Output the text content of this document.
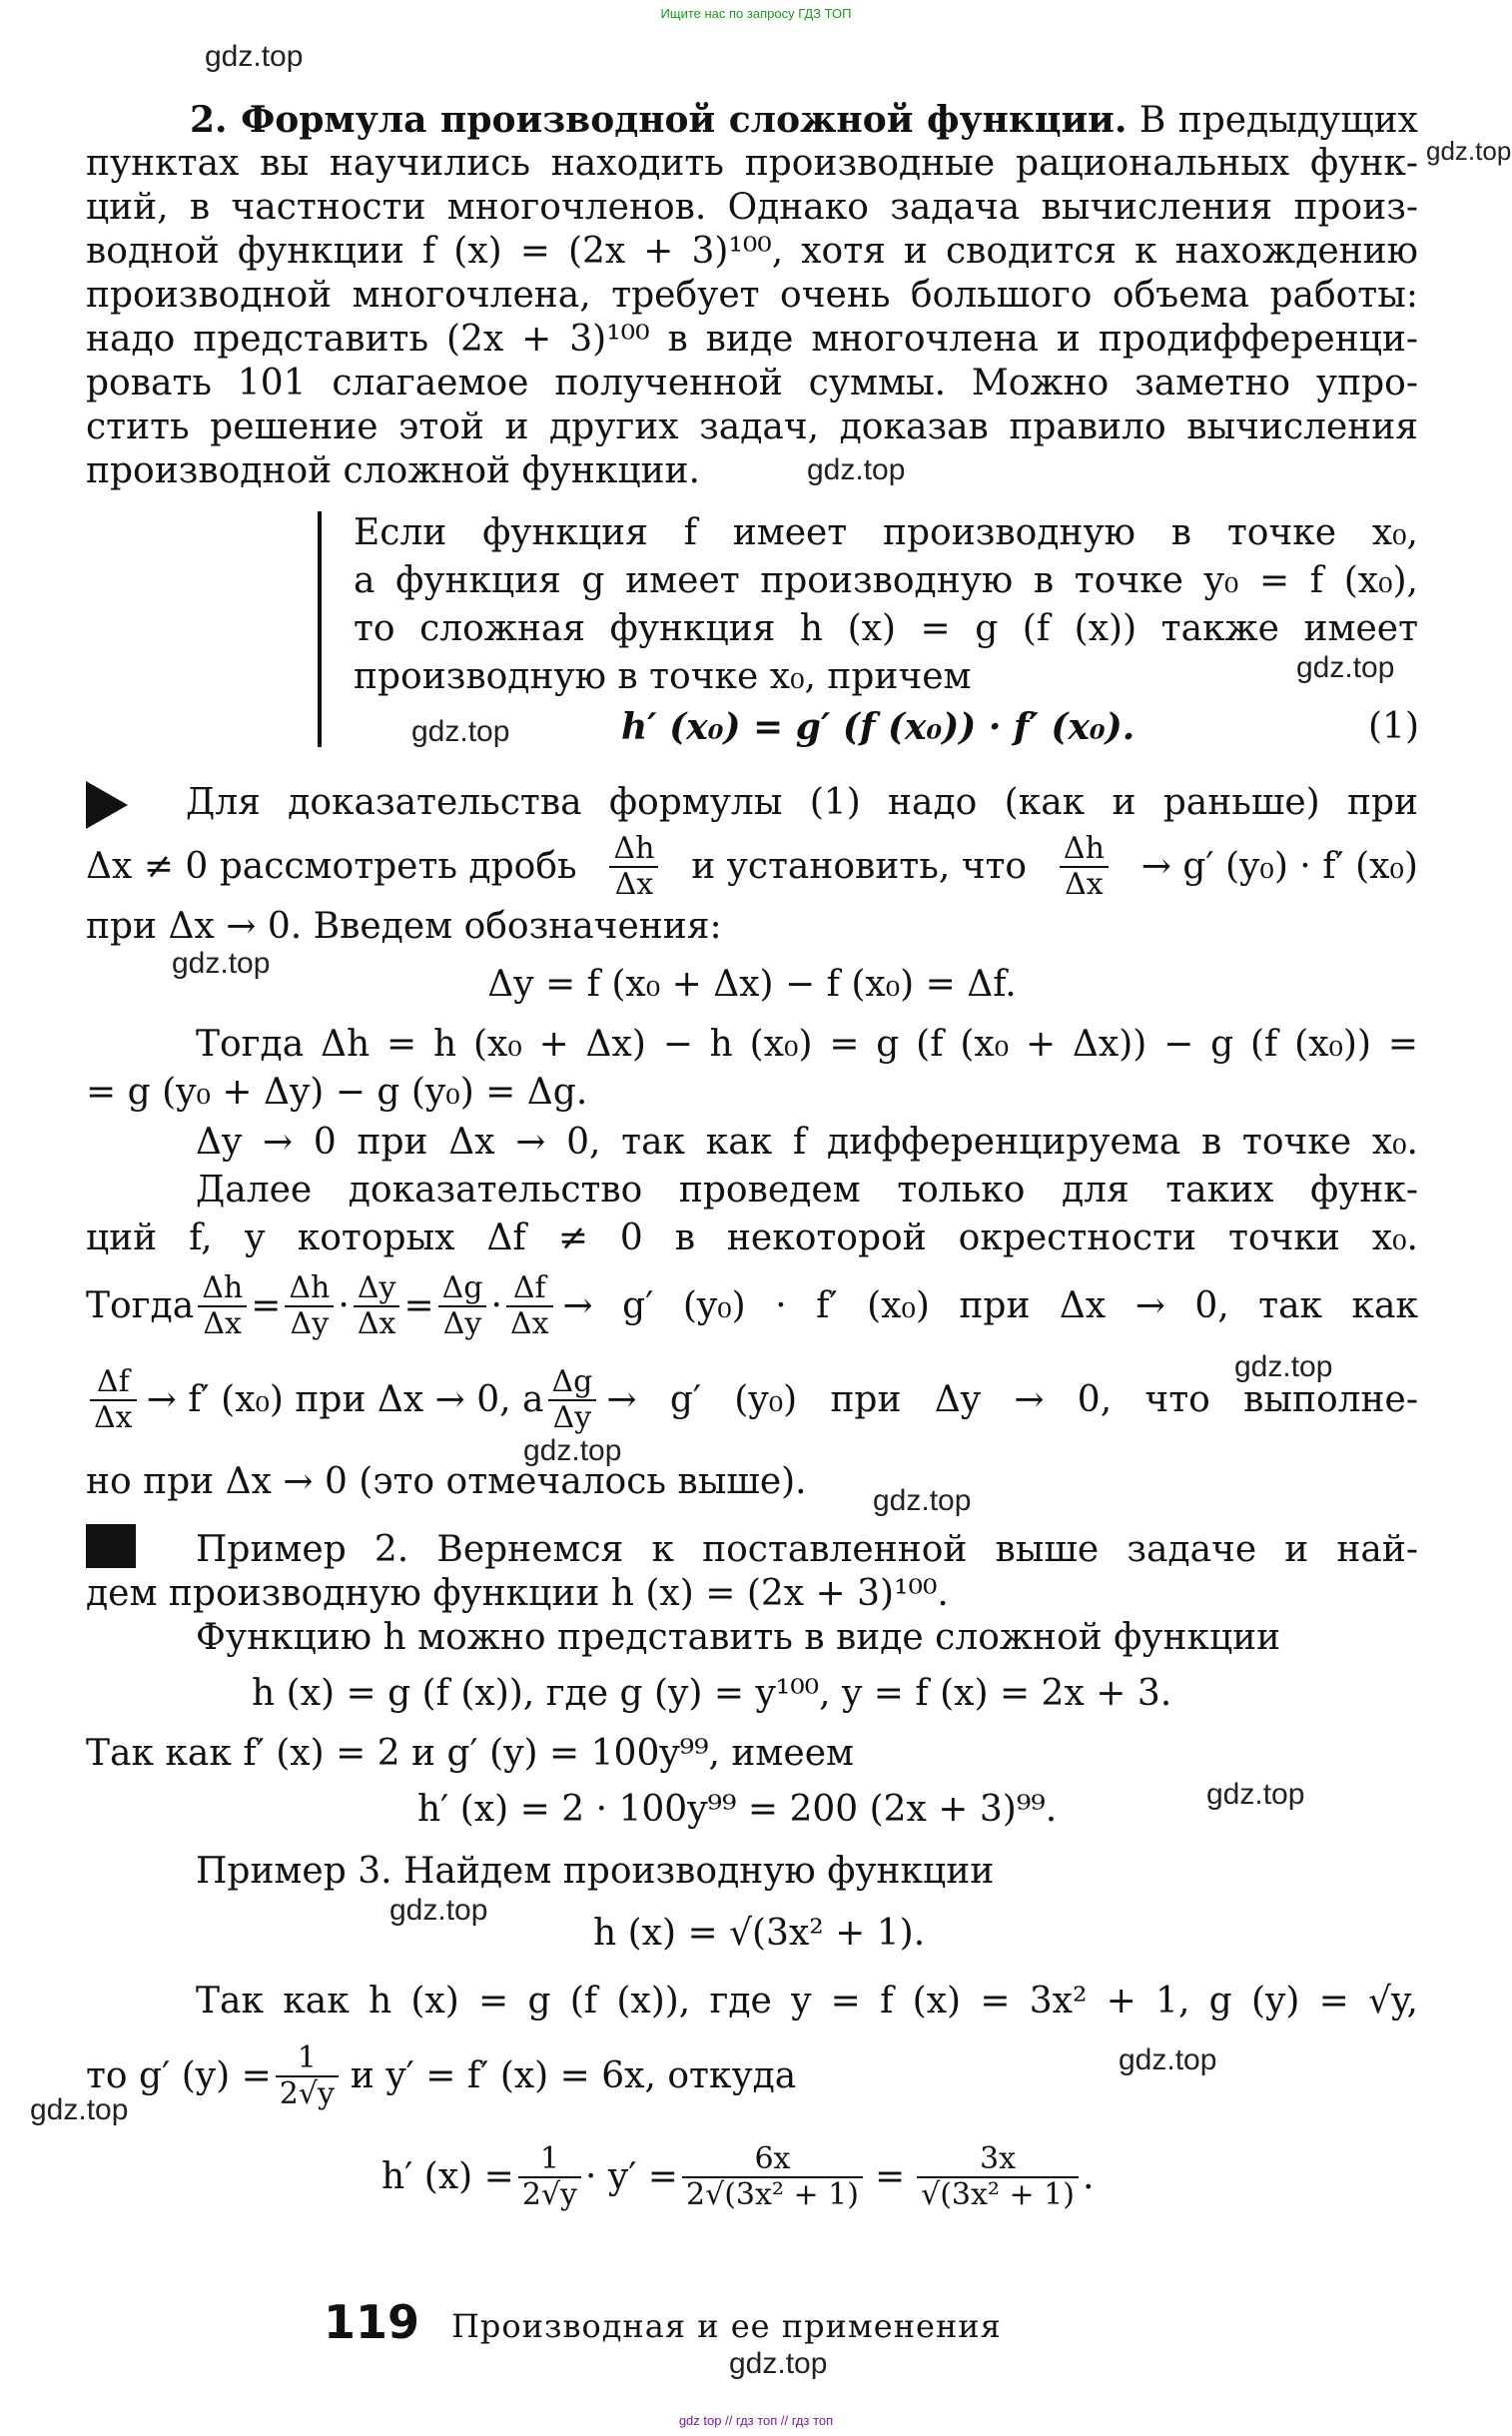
Ищите нас по запросу ГДЗ ТОП
gdz.top
gdz.top
gdz.top
gdz.top
gdz.top
gdz.top
gdz.top
gdz.top
gdz.top
gdz.top
gdz.top
gdz.top
gdz.top
gdz.top
2. Формула производной сложной функции. В предыдущих
пунктах вы научились находить производные рациональных функ-
ций, в частности многочленов. Однако задача вычисления произ-
водной функции f (x) = (2x + 3)¹⁰⁰, хотя и сводится к нахождению
производной многочлена, требует очень большого объема работы:
надо представить (2x + 3)¹⁰⁰ в виде многочлена и продифференци-
ровать 101 слагаемое полученной суммы. Можно заметно упро-
стить решение этой и других задач, доказав правило вычисления
производной сложной функции.
Если функция f имеет производную в точке x₀,
а функция g имеет производную в точке y₀ = f (x₀),
то сложная функция h (x) = g (f (x)) также имеет
производную в точке x₀, причем
h′ (x₀) = g′ (f (x₀)) · f′ (x₀).	(1)
Для доказательства формулы (1) надо (как и раньше) при
Δx ≠ 0 рассмотреть дробь $\frac{\Delta h}{\Delta x}$ и установить, что $\frac{\Delta h}{\Delta x} \to g'$ (y₀) · f′ (x₀)
при Δx → 0. Введем обозначения:
Δy = f (x₀ + Δx) − f (x₀) = Δf.
Тогда Δh = h (x₀ + Δx) − h (x₀) = g (f (x₀ + Δx)) − g (f (x₀)) =
= g (y₀ + Δy) − g (y₀) = Δg.
Δy → 0 при Δx → 0, так как f дифференцируема в точке x₀.
Далее доказательство проведем только для таких функ-
ций f, у которых Δf ≠ 0 в некоторой окрестности точки x₀.
Тогда $\frac{\Delta h}{\Delta x} = \frac{\Delta h}{\Delta y} \cdot \frac{\Delta y}{\Delta x} = \frac{\Delta g}{\Delta y} \cdot \frac{\Delta f}{\Delta x} \to g'$ (y₀) · f′ (x₀) при Δx → 0, так как
$\frac{\Delta f}{\Delta x} \to f'$ (x₀) при Δx → 0, а $\frac{\Delta g}{\Delta y} \to g'$ (y₀) при Δy → 0, что выполне-
но при Δx → 0 (это отмечалось выше).
Пример 2. Вернемся к поставленной выше задаче и най-
дем производную функции h (x) = (2x + 3)¹⁰⁰.
Функцию h можно представить в виде сложной функции
h (x) = g (f (x)), где g (y) = y¹⁰⁰, y = f (x) = 2x + 3.
Так как f′ (x) = 2 и g′ (y) = 100y⁹⁹, имеем
h′ (x) = 2 · 100y⁹⁹ = 200 (2x + 3)⁹⁹.
Пример 3. Найдем производную функции
h (x) = √(3x² + 1).
Так как h (x) = g (f (x)), где y = f (x) = 3x² + 1, g (y) = √y,
то g′ $(y) = \frac{1}{2√y}$ и y′ = f′ (x) = 6x, откуда
h′ $(x) = \frac{1}{2√y} \cdot y' = \frac{6x}{\text{2√(3x² + 1)}} = \frac{3x}{\text{√(3x² + 1)}}$ .
119 Производная и ее применения
gdz top // гдз топ // гдз топ
